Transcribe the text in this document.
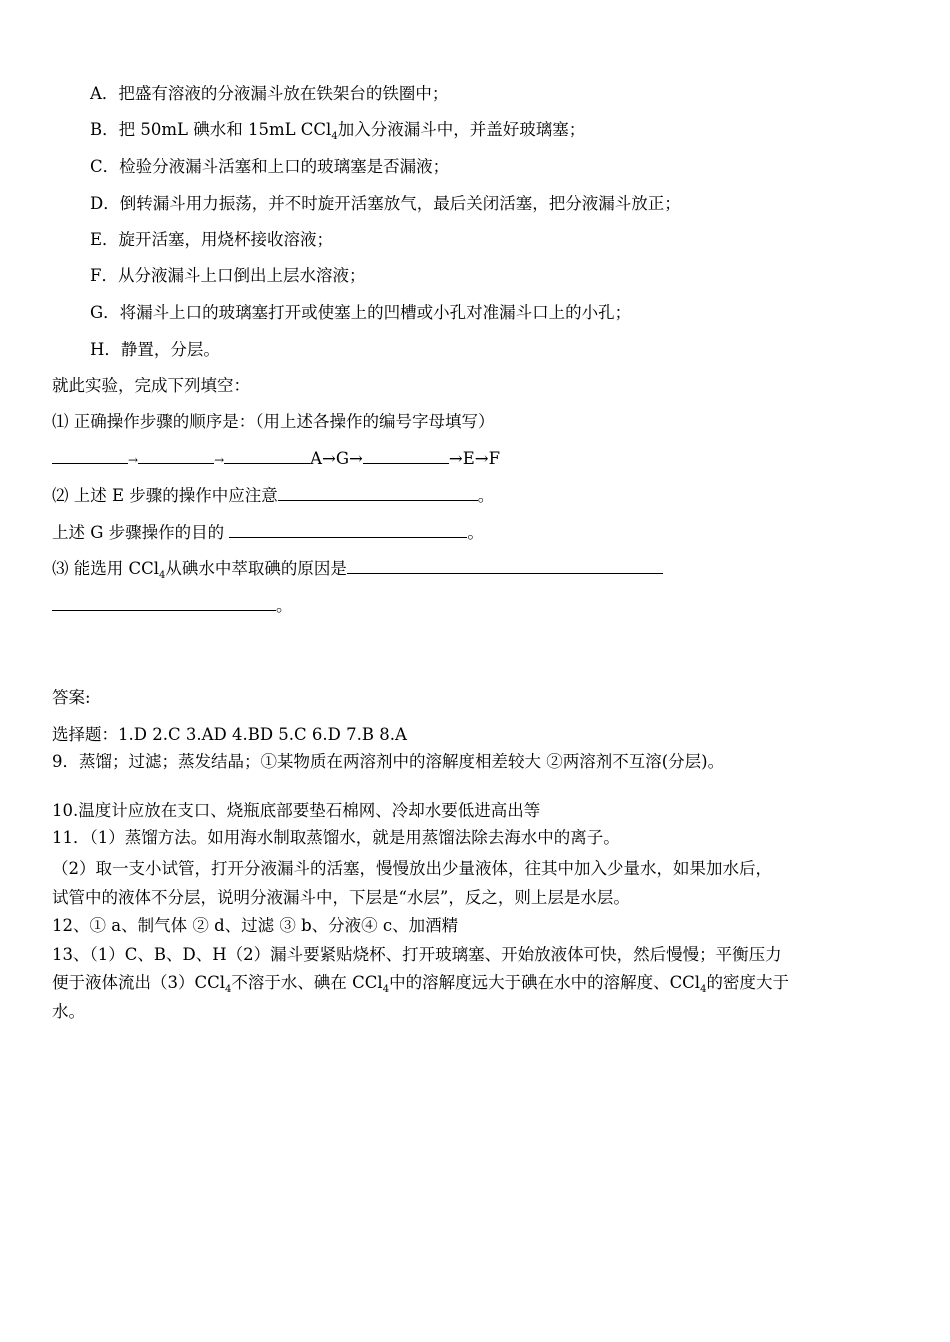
A．把盛有溶液的分液漏斗放在铁架台的铁圈中；
B．把 50mL 碘水和 15mL CCl$_4$加入分液漏斗中，并盖好玻璃塞；
C．检验分液漏斗活塞和上口的玻璃塞是否漏液；
D．倒转漏斗用力振荡，并不时旋开活塞放气，最后关闭活塞，把分液漏斗放正；
E．旋开活塞，用烧杯接收溶液；
F．从分液漏斗上口倒出上层水溶液；
G．将漏斗上口的玻璃塞打开或使塞上的凹槽或小孔对准漏斗口上的小孔；
H．静置，分层。
就此实验，完成下列填空：
⑴ 正确操作步骤的顺序是：（用上述各操作的编号字母填写）
→	→	A→G→	→E→F
⑵ 上述 E 步骤的操作中应注意	。
上述 G 步骤操作的目的	。
⑶ 能选用 CCl$_4$从碘水中萃取碘的原因是
。
答案:
选择题：1.D 2.C 3.AD 4.BD 5.C 6.D 7.B 8.A
9．蒸馏；过滤；蒸发结晶；①某物质在两溶剂中的溶解度相差较大 ②两溶剂不互溶(分层)。
10.温度计应放在支口、烧瓶底部要垫石棉网、冷却水要低进高出等
11．（1）蒸馏方法。如用海水制取蒸馏水，就是用蒸馏法除去海水中的离子。
（2）取一支小试管，打开分液漏斗的活塞，慢慢放出少量液体，往其中加入少量水，如果加水后，
试管中的液体不分层，说明分液漏斗中，下层是“水层”，反之，则上层是水层。
12、① a、制气体 ② d、过滤 ③ b、分液④ c、加酒精
13、（1）C、B、D、H（2）漏斗要紧贴烧杯、打开玻璃塞、开始放液体可快，然后慢慢；平衡压力
便于液体流出（3）CCl$_4$不溶于水、碘在 CCl$_4$中的溶解度远大于碘在水中的溶解度、CCl$_4$的密度大于
水。
